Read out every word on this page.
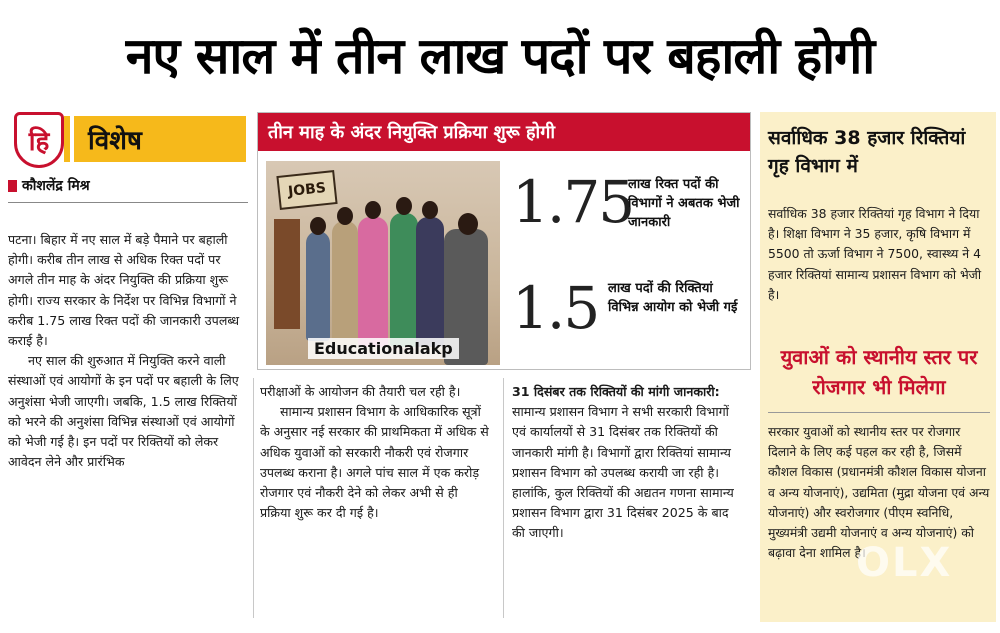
नए साल में तीन लाख पदों पर बहाली होगी
हि	विशेष
कौशलेंद्र मिश्र

पटना। बिहार में नए साल में बड़े पैमाने पर बहाली होगी। करीब तीन लाख से अधिक रिक्त पदों पर अगले तीन माह के अंदर नियुक्ति की प्रक्रिया शुरू होगी। राज्य सरकार के निर्देश पर विभिन्न विभागों ने करीब 1.75 लाख रिक्त पदों की जानकारी उपलब्ध कराई है।

नए साल की शुरुआत में नियुक्ति करने वाली संस्थाओं एवं आयोगों के इन पदों पर बहाली के लिए अनुशंसा भेजी जाएगी। जबकि, 1.5 लाख रिक्तियों को भरने की अनुशंसा विभिन्न संस्थाओं एवं आयोगों को भेजी गई है। इन पदों पर रिक्तियों को लेकर आवेदन लेने और प्रारंभिक

तीन माह के अंदर नियुक्ति प्रक्रिया शुरू होगी
JOBS
Educationalakp
1.75
लाख रिक्त पदों की विभागों ने अबतक भेजी जानकारी
1.5 लाख पदों की रिक्तियां विभिन्न आयोग को भेजी गई

परीक्षाओं के आयोजन की तैयारी चल रही है।

सामान्य प्रशासन विभाग के आधिकारिक सूत्रों के अनुसार नई सरकार की प्राथमिकता में अधिक से अधिक युवाओं को सरकारी नौकरी एवं रोजगार उपलब्ध कराना है। अगले पांच साल में एक करोड़ रोजगार एवं नौकरी देने को लेकर अभी से ही प्रक्रिया शुरू कर दी गई है।

31 दिसंबर तक रिक्तियों की मांगी जानकारी: सामान्य प्रशासन विभाग ने सभी सरकारी विभागों एवं कार्यालयों से 31 दिसंबर तक रिक्तियों की जानकारी मांगी है। विभागों द्वारा रिक्तियां सामान्य प्रशासन विभाग को उपलब्ध करायी जा रही है। हालांकि, कुल रिक्तियों की अद्यतन गणना सामान्य प्रशासन विभाग द्वारा 31 दिसंबर 2025 के बाद की जाएगी।

सर्वाधिक 38 हजार रिक्तियां गृह विभाग में
सर्वाधिक 38 हजार रिक्तियां गृह विभाग ने दिया है। शिक्षा विभाग ने 35 हजार, कृषि विभाग में 5500 तो ऊर्जा विभाग ने 7500, स्वास्थ्य ने 4 हजार रिक्तियां सामान्य प्रशासन विभाग को भेजी है।
युवाओं को स्थानीय स्तर पर रोजगार भी मिलेगा
सरकार युवाओं को स्थानीय स्तर पर रोजगार दिलाने के लिए कई पहल कर रही है, जिसमें कौशल विकास (प्रधानमंत्री कौशल विकास योजना व अन्य योजनाएं), उद्यमिता (मुद्रा योजना एवं अन्य योजनाएं) और स्वरोजगार (पीएम स्वनिधि, मुख्यमंत्री उद्यमी योजनाएं व अन्य योजनाएं) को बढ़ावा देना शामिल है।
OLX
